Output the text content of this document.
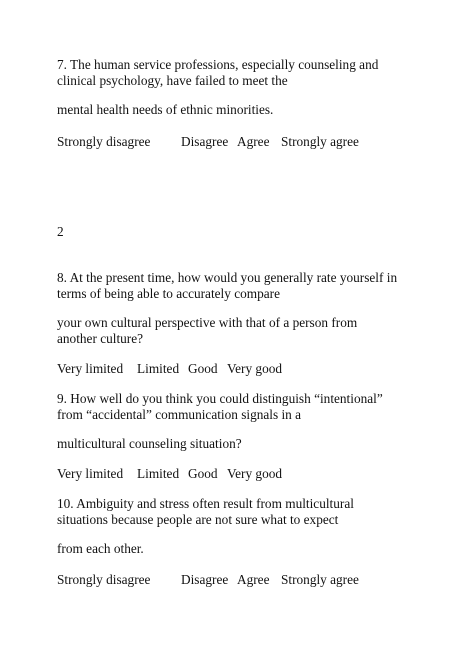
7. The human service professions, especially counseling and

clinical psychology, have failed to meet the

mental health needs of ethnic minorities.

Strongly disagree Disagree Agree Strongly agree

2

8. At the present time, how would you generally rate yourself in

terms of being able to accurately compare

your own cultural perspective with that of a person from

another culture?

Very limited Limited Good Very good

9. How well do you think you could distinguish “intentional”

from “accidental” communication signals in a

multicultural counseling situation?

Very limited Limited Good Very good

10. Ambiguity and stress often result from multicultural

situations because people are not sure what to expect

from each other.

Strongly disagree Disagree Agree Strongly agree
